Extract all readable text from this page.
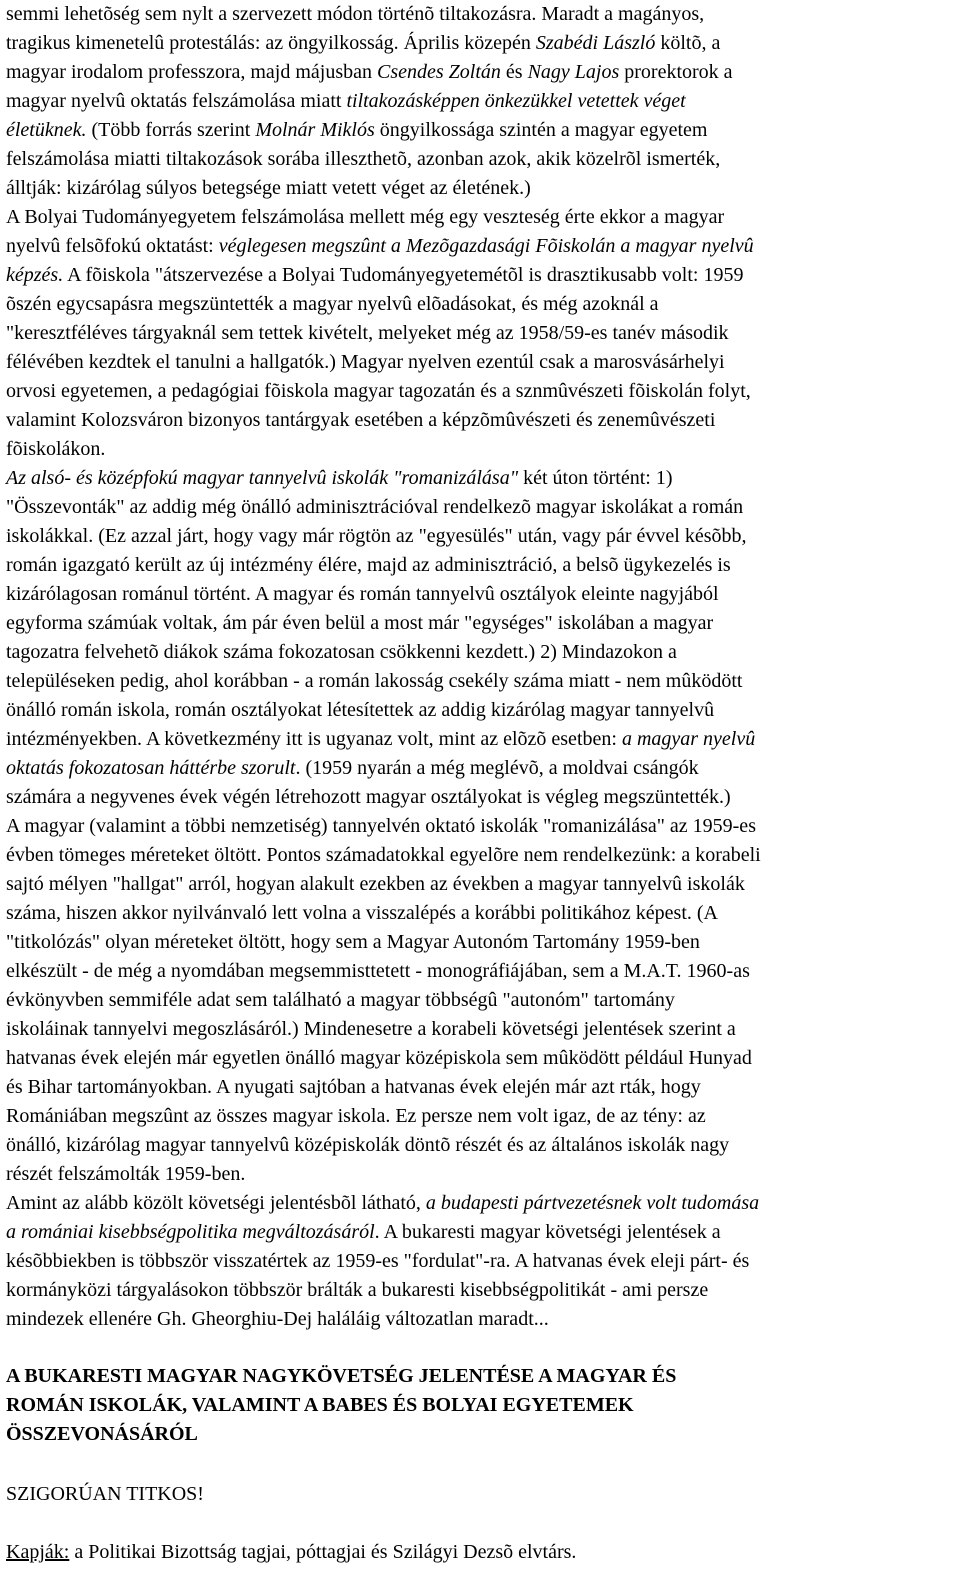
semmi lehetõség sem nylt a szervezett módon történõ tiltakozásra. Maradt a magányos,
tragikus kimenetelû protestálás: az öngyilkosság. Április közepén Szabédi László költõ, a
magyar irodalom professzora, majd májusban Csendes Zoltán és Nagy Lajos prorektorok a
magyar nyelvû oktatás felszámolása miatt tiltakozásképpen önkezükkel vetettek véget
életüknek. (Több forrás szerint Molnár Miklós öngyilkossága szintén a magyar egyetem
felszámolása miatti tiltakozások sorába illeszthetõ, azonban azok, akik közelrõl ismerték,
álltják: kizárólag súlyos betegsége miatt vetett véget az életének.)
A Bolyai Tudományegyetem felszámolása mellett még egy veszteség érte ekkor a magyar
nyelvû felsõfokú oktatást: véglegesen megszûnt a Mezõgazdasági Fõiskolán a magyar nyelvû
képzés. A fõiskola "átszervezése a Bolyai Tudományegyetemétõl is drasztikusabb volt: 1959
õszén egycsapásra megszüntették a magyar nyelvû elõadásokat, és még azoknál a
"keresztféléves tárgyaknál sem tettek kivételt, melyeket még az 1958/59-es tanév második
félévében kezdtek el tanulni a hallgatók.) Magyar nyelven ezentúl csak a marosvásárhelyi
orvosi egyetemen, a pedagógiai fõiskola magyar tagozatán és a sznmûvészeti fõiskolán folyt,
valamint Kolozsváron bizonyos tantárgyak esetében a képzõmûvészeti és zenemûvészeti
fõiskolákon.
Az alsó- és középfokú magyar tannyelvû iskolák "romanizálása" két úton történt: 1)
"Összevonták" az addig még önálló adminisztrációval rendelkezõ magyar iskolákat a román
iskolákkal. (Ez azzal járt, hogy vagy már rögtön az "egyesülés" után, vagy pár évvel késõbb,
román igazgató került az új intézmény élére, majd az adminisztráció, a belsõ ügykezelés is
kizárólagosan románul történt. A magyar és román tannyelvû osztályok eleinte nagyjából
egyforma számúak voltak, ám pár éven belül a most már "egységes" iskolában a magyar
tagozatra felvehetõ diákok száma fokozatosan csökkenni kezdett.) 2) Mindazokon a
településeken pedig, ahol korábban - a román lakosság csekély száma miatt - nem mûködött
önálló román iskola, román osztályokat létesítettek az addig kizárólag magyar tannyelvû
intézményekben. A következmény itt is ugyanaz volt, mint az elõzõ esetben: a magyar nyelvû
oktatás fokozatosan háttérbe szorult. (1959 nyarán a még meglévõ, a moldvai csángók
számára a negyvenes évek végén létrehozott magyar osztályokat is végleg megszüntették.)
A magyar (valamint a többi nemzetiség) tannyelvén oktató iskolák "romanizálása" az 1959-es
évben tömeges méreteket öltött. Pontos számadatokkal egyelõre nem rendelkezünk: a korabeli
sajtó mélyen "hallgat" arról, hogyan alakult ezekben az években a magyar tannyelvû iskolák
száma, hiszen akkor nyilvánvaló lett volna a visszalépés a korábbi politikához képest. (A
"titkolózás" olyan méreteket öltött, hogy sem a Magyar Autonóm Tartomány 1959-ben
elkészült - de még a nyomdában megsemmisttetett - monográfiájában, sem a M.A.T. 1960-as
évkönyvben semmiféle adat sem található a magyar többségû "autonóm" tartomány
iskoláinak tannyelvi megoszlásáról.) Mindenesetre a korabeli követségi jelentések szerint a
hatvanas évek elején már egyetlen önálló magyar középiskola sem mûködött például Hunyad
és Bihar tartományokban. A nyugati sajtóban a hatvanas évek elején már azt rták, hogy
Romániában megszûnt az összes magyar iskola. Ez persze nem volt igaz, de az tény: az
önálló, kizárólag magyar tannyelvû középiskolák döntõ részét és az általános iskolák nagy
részét felszámolták 1959-ben.
Amint az alább közölt követségi jelentésbõl látható, a budapesti pártvezetésnek volt tudomása
a romániai kisebbségpolitika megváltozásáról. A bukaresti magyar követségi jelentések a
késõbbiekben is többször visszatértek az 1959-es "fordulat"-ra. A hatvanas évek eleji párt- és
kormányközi tárgyalásokon többször brálták a bukaresti kisebbségpolitikát - ami persze
mindezek ellenére Gh. Gheorghiu-Dej haláláig változatlan maradt...
A BUKARESTI MAGYAR NAGYKÖVETSÉG JELENTÉSE A MAGYAR ÉS
ROMÁN ISKOLÁK, VALAMINT A BABES ÉS BOLYAI EGYETEMEK
ÖSSZEVONÁSÁRÓL
SZIGORÚAN TITKOS!
Kapják: a Politikai Bizottság tagjai, póttagjai és Szilágyi Dezsõ elvtárs.
